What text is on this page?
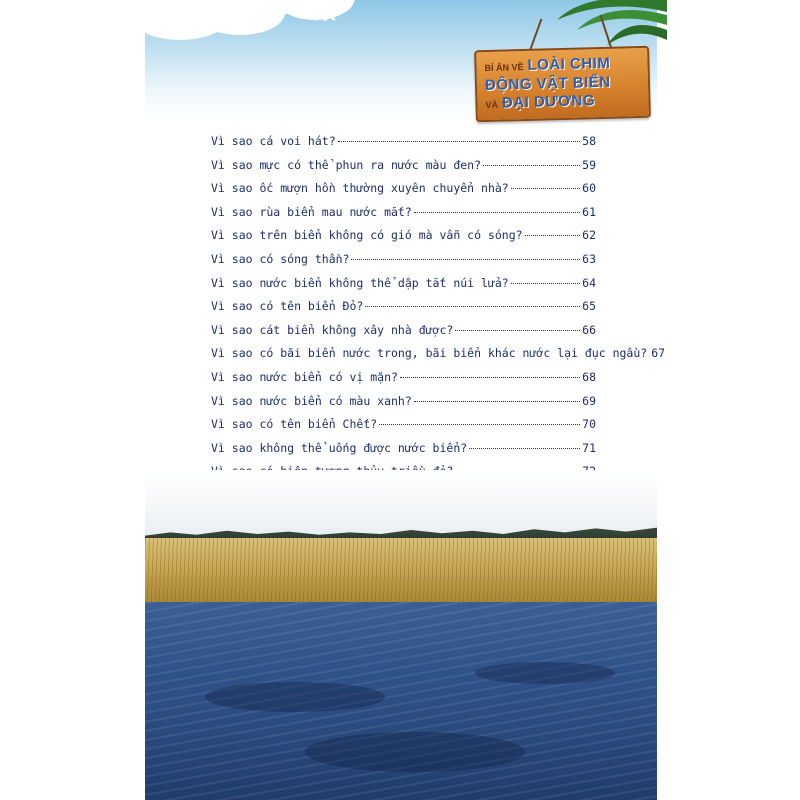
BÍ ẨN VỀ LOÀI CHIM
ĐỘNG VẬT BIỂN
VÀ ĐẠI DƯƠNG
Vì sao cá voi hát?	58
Vì sao mực có thể phun ra nước màu đen?	59
Vì sao ốc mượn hồn thường xuyên chuyển nhà?	60
Vì sao rùa biển mau nước mắt?	61
Vì sao trên biển không có gió mà vẫn có sóng?	62
Vì sao có sóng thần?	63
Vì sao nước biển không thể dập tắt núi lửa?	64
Vì sao có tên biển Đỏ?	65
Vì sao cát biển không xây nhà được?	66
Vì sao có bãi biển nước trong, bãi biển khác nước lại đục ngầu? 67
Vì sao nước biển có vị mặn?	68
Vì sao nước biển có màu xanh?	69
Vì sao có tên biển Chết?	70
Vì sao không thể uống được nước biển?	71
